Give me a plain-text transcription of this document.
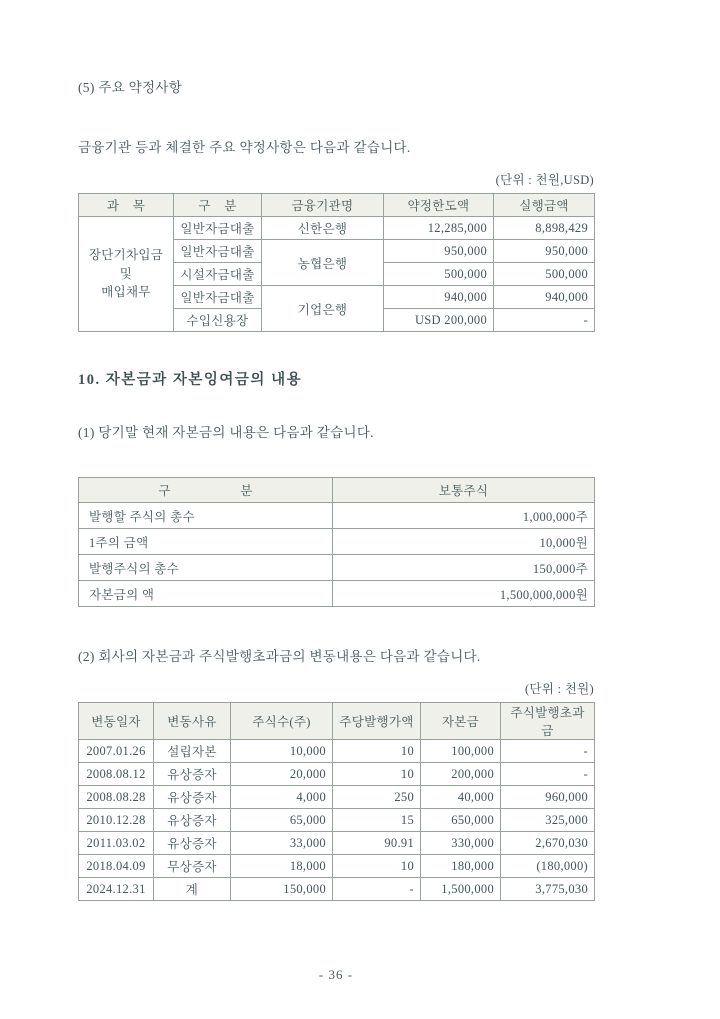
(5) 주요 약정사항
금융기관 등과 체결한 주요 약정사항은 다음과 같습니다.
(단위 : 천원,USD)
과 목	구 분	금융기관명	약정한도액	실행금액
장단기차입금 및
매입채무	일반자금대출	신한은행	12,285,000	8,898,429
	일반자금대출	농협은행	950,000	950,000
	시설자금대출		500,000	500,000
	일반자금대출	기업은행	940,000	940,000
	수입신용장		USD 200,000	-
10. 자본금과 자본잉여금의 내용
(1) 당기말 현재 자본금의 내용은 다음과 같습니다.
구 분	보통주식
발행할 주식의 총수	1,000,000주
1주의 금액	10,000원
발행주식의 총수	150,000주
자본금의 액	1,500,000,000원
(2) 회사의 자본금과 주식발행초과금의 변동내용은 다음과 같습니다.
(단위 : 천원)
변동일자	변동사유	주식수(주)	주당발행가액	자본금	주식발행초과금
2007.01.26	설립자본	10,000	10	100,000	-
2008.08.12	유상증자	20,000	10	200,000	-
2008.08.28	유상증자	4,000	250	40,000	960,000
2010.12.28	유상증자	65,000	15	650,000	325,000
2011.03.02	유상증자	33,000	90.91	330,000	2,670,030
2018.04.09	무상증자	18,000	10	180,000	(180,000)
2024.12.31	계	150,000	-	1,500,000	3,775,030
- 36 -
